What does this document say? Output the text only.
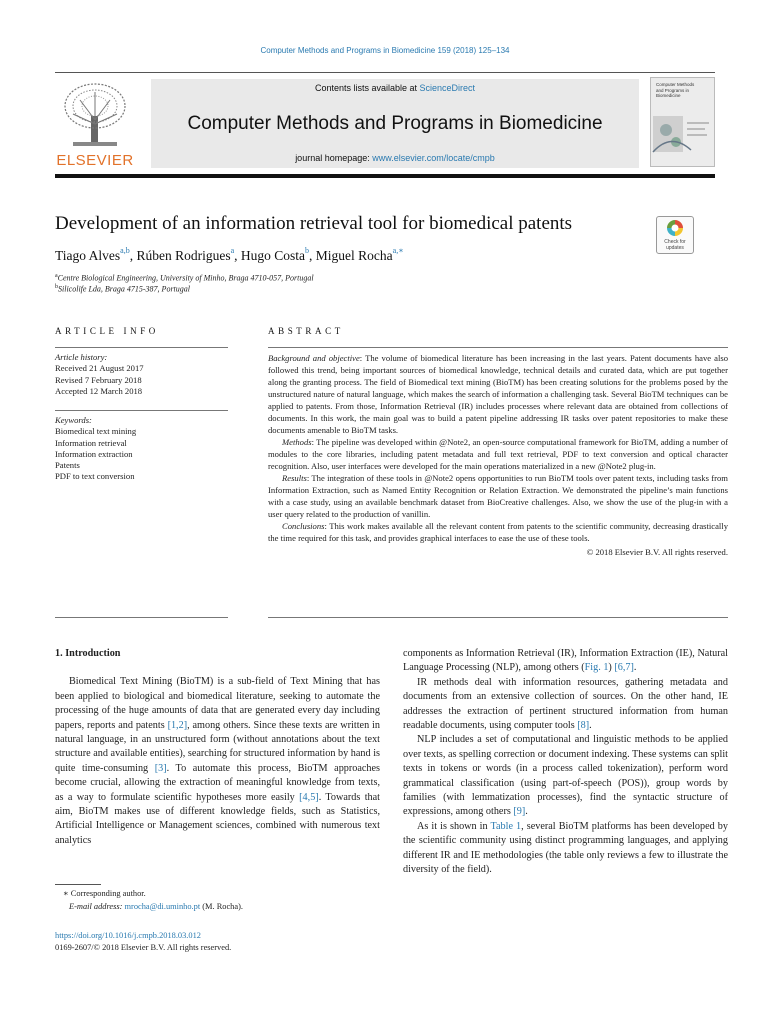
Computer Methods and Programs in Biomedicine 159 (2018) 125–134
ELSEVIER
Contents lists available at ScienceDirect
Computer Methods and Programs in Biomedicine
journal homepage: www.elsevier.com/locate/cmpb
Computer Methods and Programs in Biomedicine
Development of an information retrieval tool for biomedical patents
Check for updates
Tiago Alves$^{a,b}$, Rúben Rodrigues$^a$, Hugo Costa$^b$, Miguel Rocha$^{a,∗}$
$^a$Centre Biological Engineering, University of Minho, Braga 4710-057, Portugal
$^b$Silicolife Lda, Braga 4715-387, Portugal
ARTICLE INFO
Article history:
Received 21 August 2017
Revised 7 February 2018
Accepted 12 March 2018
Keywords:
Biomedical text mining
Information retrieval
Information extraction
Patents
PDF to text conversion
ABSTRACT

Background and objective: The volume of biomedical literature has been increasing in the last years. Patent documents have also followed this trend, being important sources of biomedical knowledge, technical details and curated data, which are put together along the granting process. The field of Biomedical text mining (BioTM) has been creating solutions for the problems posed by the unstructured nature of natural language, which makes the search of information a challenging task. Several BioTM techniques can be applied to patents. From those, Information Retrieval (IR) includes processes where relevant data are obtained from collections of documents. In this work, the main goal was to build a patent pipeline addressing IR tasks over patent repositories to make these documents amenable to BioTM tasks.

Methods: The pipeline was developed within @Note2, an open-source computational framework for BioTM, adding a number of modules to the core libraries, including patent metadata and full text retrieval, PDF to text conversion and optical character recognition. Also, user interfaces were developed for the main operations materialized in a new @Note2 plug-in.

Results: The integration of these tools in @Note2 opens opportunities to run BioTM tools over patent texts, including tasks from Information Extraction, such as Named Entity Recognition or Relation Extraction. We demonstrated the pipeline’s main functions with a case study, using an available benchmark dataset from BioCreative challenges. Also, we show the use of the plug-in with a user query related to the production of vanillin.

Conclusions: This work makes available all the relevant content from patents to the scientific community, decreasing drastically the time required for this task, and provides graphical interfaces to ease the use of these tools.

© 2018 Elsevier B.V. All rights reserved.

1. Introduction

Biomedical Text Mining (BioTM) is a sub-field of Text Mining that has been applied to biological and biomedical literature, seeking to automate the processing of the huge amounts of data that are generated every day including papers, reports and patents [1,2], among others. Since these texts are written in natural language, in an unstructured form (without annotations about the text structure and available entities), searching for structured information by hand is quite time-consuming [3]. To automate this process, BioTM approaches become crucial, allowing the extraction of meaningful knowledge from texts, as a way to formulate scientific hypotheses more easily [4,5]. Towards that aim, BioTM makes use of different knowledge fields, such as Statistics, Artificial Intelligence or Management sciences, combined with numerous text analytics

∗ Corresponding author.
E-mail address: mrocha@di.uminho.pt (M. Rocha).
https://doi.org/10.1016/j.cmpb.2018.03.012
0169-2607/© 2018 Elsevier B.V. All rights reserved.

components as Information Retrieval (IR), Information Extraction (IE), Natural Language Processing (NLP), among others (Fig. 1) [6,7].

IR methods deal with information resources, gathering metadata and documents from an extensive collection of sources. On the other hand, IE addresses the extraction of pertinent structured information from human readable documents, using computer tools [8].

NLP includes a set of computational and linguistic methods to be applied over texts, as spelling correction or document indexing. These systems can split texts in tokens or words (in a process called tokenization), perform word grammatical classification (using part-of-speech (POS)), group words by families (with lemmatization processes), find the syntactic structure of expressions, among others [9].

As it is shown in Table 1, several BioTM platforms has been developed by the scientific community using distinct programming languages, and applying different IR and IE methodologies (the table only reviews a few to illustrate the diversity of the field).
